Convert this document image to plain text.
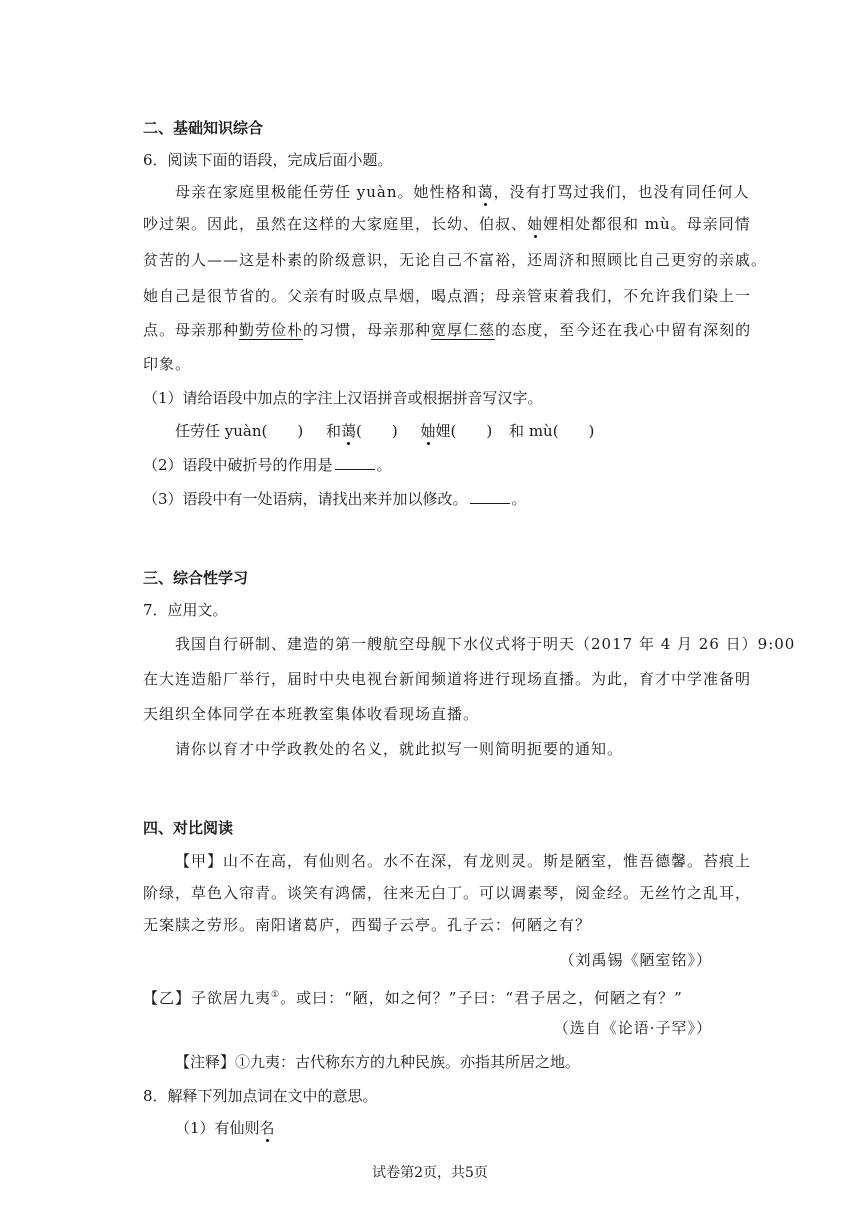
二、基础知识综合
6．阅读下面的语段，完成后面小题。
母亲在家庭里极能任劳任 yuàn。她性格和蔼，没有打骂过我们，也没有同任何人
吵过架。因此，虽然在这样的大家庭里，长幼、伯叔、妯娌相处都很和 mù。母亲同情
贫苦的人——这是朴素的阶级意识，无论自己不富裕，还周济和照顾比自己更穷的亲戚。
她自己是很节省的。父亲有时吸点旱烟，喝点酒；母亲管束着我们，不允许我们染上一
点。母亲那种勤劳俭朴的习惯，母亲那种宽厚仁慈的态度，至今还在我心中留有深刻的
印象。
（1）请给语段中加点的字注上汉语拼音或根据拼音写汉字。
任劳任 yuàn(　　) 和蔼(　　) 妯娌(　　) 和 mù(　　)
（2）语段中破折号的作用是	。
（3）语段中有一处语病，请找出来并加以修改。	。
三、综合性学习
7．应用文。
我国自行研制、建造的第一艘航空母舰下水仪式将于明天（2017 年 4 月 26 日）9:00
在大连造船厂举行，届时中央电视台新闻频道将进行现场直播。为此，育才中学准备明
天组织全体同学在本班教室集体收看现场直播。
请你以育才中学政教处的名义，就此拟写一则简明扼要的通知。
四、对比阅读
【甲】山不在高，有仙则名。水不在深，有龙则灵。斯是陋室，惟吾德馨。苔痕上
阶绿，草色入帘青。谈笑有鸿儒，往来无白丁。可以调素琴，阅金经。无丝竹之乱耳，
无案牍之劳形。南阳诸葛庐，西蜀子云亭。孔子云：何陋之有？
（刘禹锡《陋室铭》）
【乙】子欲居九夷①。或曰：“陋，如之何？”子曰：“君子居之，何陋之有？”
（选自《论语·子罕》）
【注释】①九夷：古代称东方的九种民族。亦指其所居之地。
8．解释下列加点词在文中的意思。
（1）有仙则名
试卷第2页，共5页
